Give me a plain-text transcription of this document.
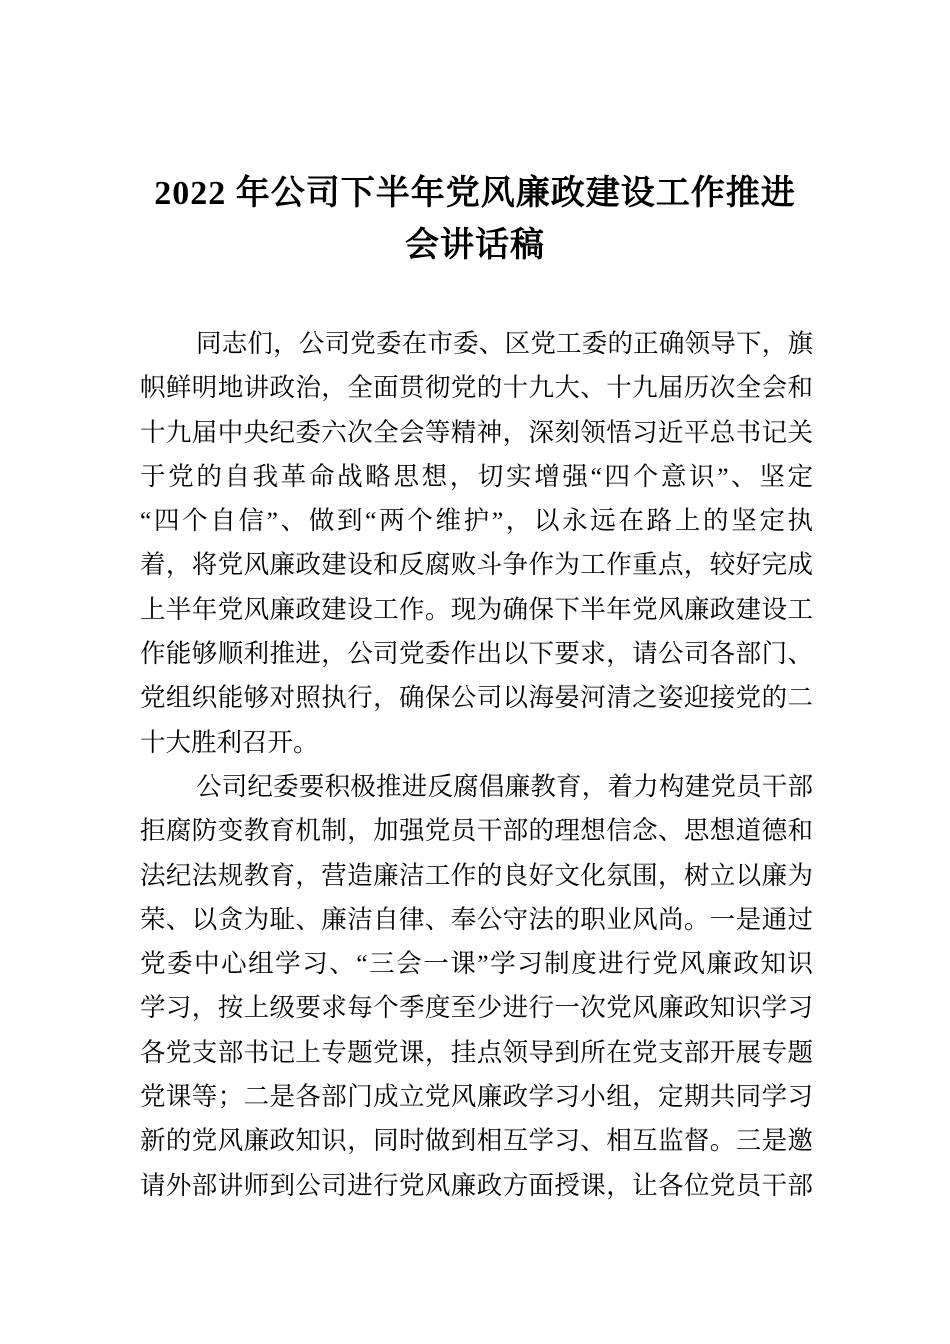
2022 年公司下半年党风廉政建设工作推进
会讲话稿
同志们，公司党委在市委、区党工委的正确领导下，旗
帜鲜明地讲政治，全面贯彻党的十九大、十九届历次全会和
十九届中央纪委六次全会等精神，深刻领悟习近平总书记关
于党的自我革命战略思想，切实增强“四个意识”、坚定
“四个自信”、做到“两个维护”，以永远在路上的坚定执
着，将党风廉政建设和反腐败斗争作为工作重点，较好完成
上半年党风廉政建设工作。现为确保下半年党风廉政建设工
作能够顺利推进，公司党委作出以下要求，请公司各部门、
党组织能够对照执行，确保公司以海晏河清之姿迎接党的二
十大胜利召开。
公司纪委要积极推进反腐倡廉教育，着力构建党员干部
拒腐防变教育机制，加强党员干部的理想信念、思想道德和
法纪法规教育，营造廉洁工作的良好文化氛围，树立以廉为
荣、以贪为耻、廉洁自律、奉公守法的职业风尚。一是通过
党委中心组学习、“三会一课”学习制度进行党风廉政知识
学习，按上级要求每个季度至少进行一次党风廉政知识学习
各党支部书记上专题党课，挂点领导到所在党支部开展专题
党课等；二是各部门成立党风廉政学习小组，定期共同学习
新的党风廉政知识，同时做到相互学习、相互监督。三是邀
请外部讲师到公司进行党风廉政方面授课，让各位党员干部
